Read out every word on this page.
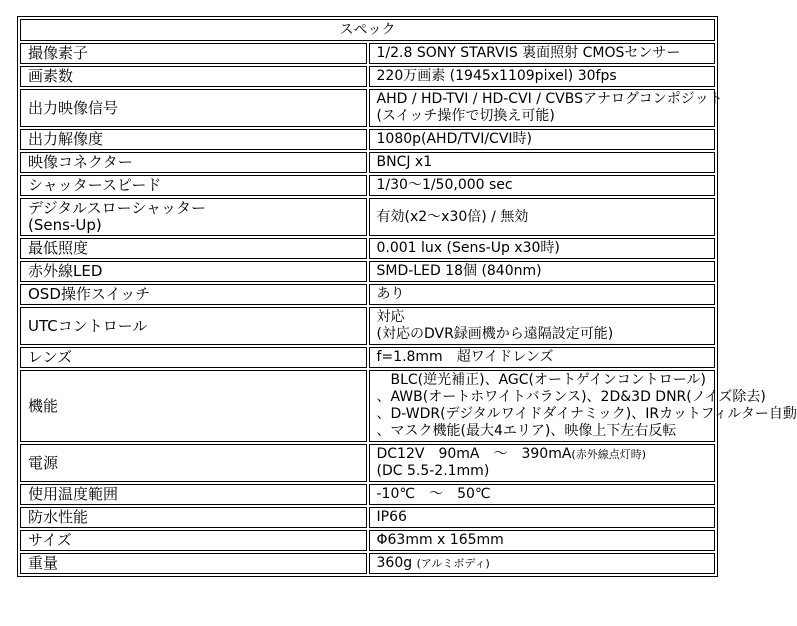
スペック	

撮像素子	1/2.8 SONY STARVIS 裏面照射 CMOSセンサー

画素数	220万画素 (1945x1109pixel) 30fps

出力映像信号	AHD / HD-TVI / HD-CVI / CVBSアナログコンポジット
(スイッチ操作で切換え可能)

出力解像度	1080p(AHD/TVI/CVI時)

映像コネクター	BNCJ x1

シャッタースピード	1/30～1/50,000 sec

デジタルスローシャッター
(Sens-Up)	有効(x2～x30倍) / 無効

最低照度	0.001 lux (Sens-Up x30時)

赤外線LED	SMD-LED 18個 (840nm)

OSD操作スイッチ	あり

UTCコントロール	対応
(対応のDVR録画機から遠隔設定可能)

レンズ	f=1.8mm　超ワイドレンズ

機能	　BLC(逆光補正)、AGC(オートゲインコントロール)
、AWB(オートホワイトバランス)、2D&3D DNR(ノイズ除去)
、D-WDR(デジタルワイドダイナミック)、IRカットフィルター自動
、マスク機能(最大4エリア)、映像上下左右反転

電源	DC12V　90mA　～　390mA(赤外線点灯時)
(DC 5.5-2.1mm)

使用温度範囲	-10℃　～　50℃

防水性能	IP66

サイズ	Φ63mm x 165mm

重量	360g (アルミボディ)
